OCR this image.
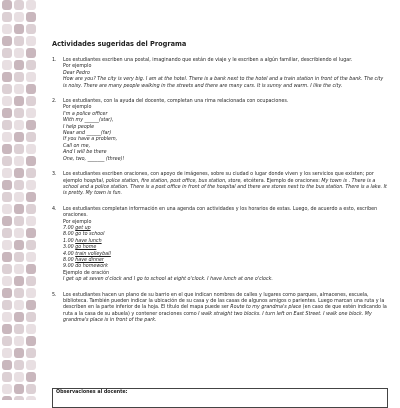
Actividades sugeridas del Programa
1.	Los estudiantes escriben una postal, imaginando que están de viaje y le escriben a algún familiar, describiendo el lugar.
Por ejemplo
Dear Pedro
How are you? The city is very big. I am at the hotel. There is a bank next to the hotel and a train station in front of the bank. The city is noisy. There are many people walking in the streets and there are many cars. It is sunny and warm. I like the city.
2.	Los estudiantes, con la ayuda del docente, completan una rima relacionada con ocupaciones.
Por ejemplo
I'm a police officer
With my ______(star),
I help people
Near and ______(far)
If you have a problem,
Call on me,
And I will be there
One, two, _______ (three)!
3.	Los estudiantes escriben oraciones, con apoyo de imágenes, sobre su ciudad o lugar donde viven y los servicios que existen; por ejemplo hospital, police station, fire station, post office, bus station, store, etcétera. Ejemplo de oraciones: My town is . There is a school and a police station. There is a post office in front of the hospital and there are stores next to the bus station. There is a lake. It is pretty. My town is fun.
4.	Los estudiantes completan información en una agenda con actividades y los horarios de estas. Luego, de acuerdo a esto, escriben oraciones.
Por ejemplo
7.00 get up
8.00 go to school
1.00 have lunch
3.00 go home
4.00 train volleyball
8.00 have dinner
9.00 do homework
Ejemplo de oración
I get up at seven o'clock and I go to school at eight o'clock. I have lunch at one o'clock.
5.	Los estudiantes hacen un plano de su barrio en el que indican nombres de calles y lugares como parques, almacenes, escuela, biblioteca. También pueden indicar la ubicación de su casa y de las casas de algunos amigos o parientes. Luego marcan una ruta y la describen en la parte inferior de la hoja. El título del mapa puede ser Route to my grandma's place (en caso de que estén indicando la ruta a la casa de su abuela) y contener oraciones como I walk straight two blocks. I turn left on East Street. I walk one block. My grandma's place is in front of the park.
Observaciones al docente:
